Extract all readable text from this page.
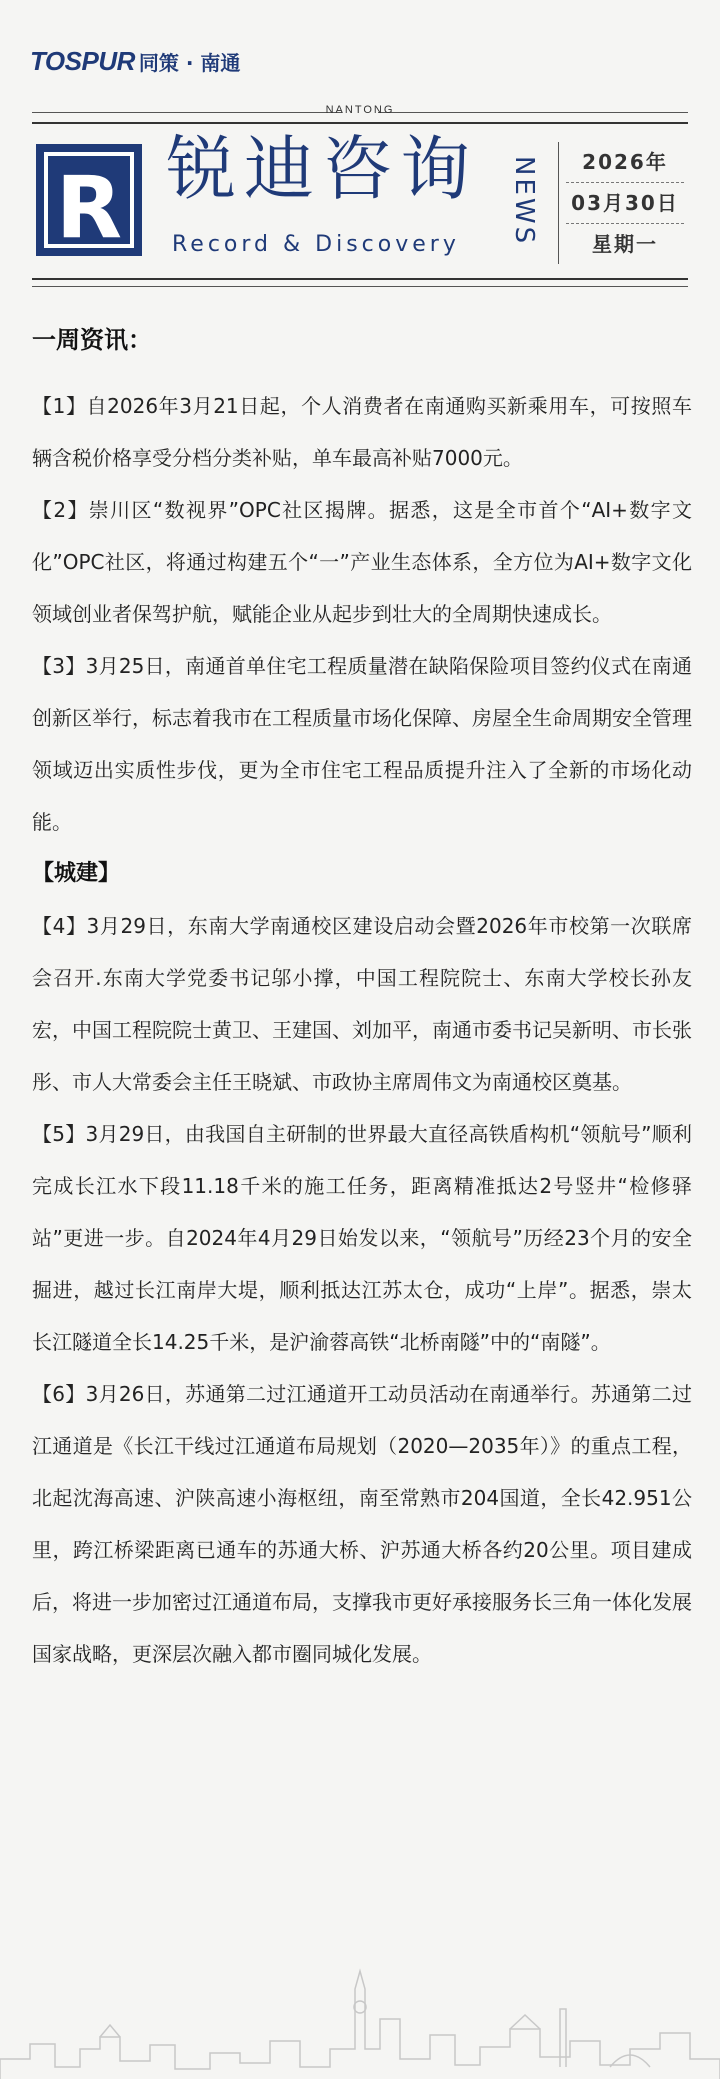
TOSPUR 同策 · 南通
NANTONG
R 锐迪咨询
Record & Discovery NEWS	2026年
03月30日
星期一
一周资讯：

【1】自2026年3月21日起，个人消费者在南通购买新乘用车，可按照车辆含税价格享受分档分类补贴，单车最高补贴7000元。

【2】崇川区“数视界”OPC社区揭牌。据悉，这是全市首个“AI+数字文化”OPC社区，将通过构建五个“一”产业生态体系，全方位为AI+数字文化领域创业者保驾护航，赋能企业从起步到壮大的全周期快速成长。

【3】3月25日，南通首单住宅工程质量潜在缺陷保险项目签约仪式在南通创新区举行，标志着我市在工程质量市场化保障、房屋全生命周期安全管理领域迈出实质性步伐，更为全市住宅工程品质提升注入了全新的市场化动能。

【城建】

【4】3月29日，东南大学南通校区建设启动会暨2026年市校第一次联席会召开.东南大学党委书记邬小撑，中国工程院院士、东南大学校长孙友宏，中国工程院院士黄卫、王建国、刘加平，南通市委书记吴新明、市长张彤、市人大常委会主任王晓斌、市政协主席周伟文为南通校区奠基。

【5】3月29日，由我国自主研制的世界最大直径高铁盾构机“领航号”顺利完成长江水下段11.18千米的施工任务，距离精准抵达2号竖井“检修驿站”更进一步。自2024年4月29日始发以来，“领航号”历经23个月的安全掘进，越过长江南岸大堤，顺利抵达江苏太仓，成功“上岸”。据悉，崇太长江隧道全长14.25千米，是沪渝蓉高铁“北桥南隧”中的“南隧”。

【6】3月26日，苏通第二过江通道开工动员活动在南通举行。苏通第二过江通道是《长江干线过江通道布局规划（2020—2035年）》的重点工程，北起沈海高速、沪陕高速小海枢纽，南至常熟市204国道，全长42.951公里，跨江桥梁距离已通车的苏通大桥、沪苏通大桥各约20公里。项目建成后，将进一步加密过江通道布局，支撑我市更好承接服务长三角一体化发展国家战略，更深层次融入都市圈同城化发展。
